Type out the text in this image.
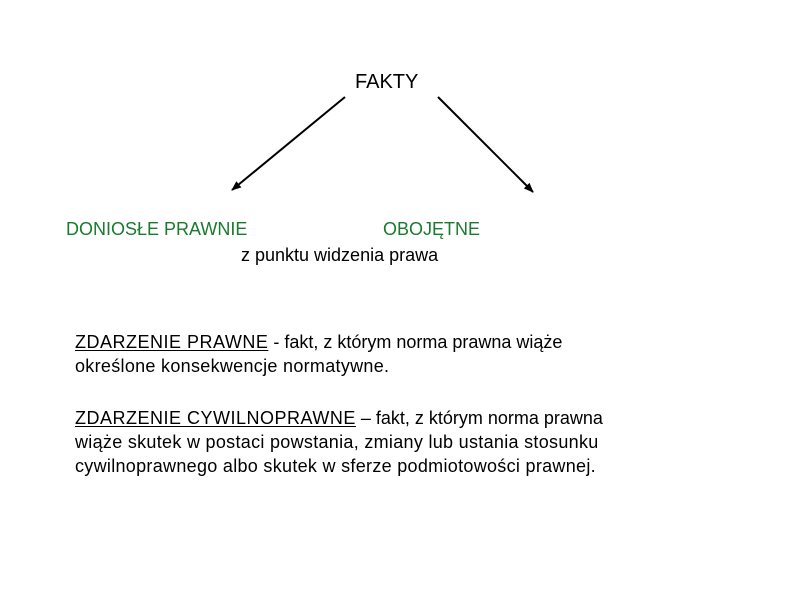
FAKTY
DONIOSŁE PRAWNIE	OBOJĘTNE
z punktu widzenia prawa
ZDARZENIE PRAWNE - fakt, z którym norma prawna wiąże
określone konsekwencje normatywne.
ZDARZENIE CYWILNOPRAWNE – fakt, z którym norma prawna
wiąże skutek w postaci powstania, zmiany lub ustania stosunku cywilnoprawnego albo skutek w sferze podmiotowości prawnej.
